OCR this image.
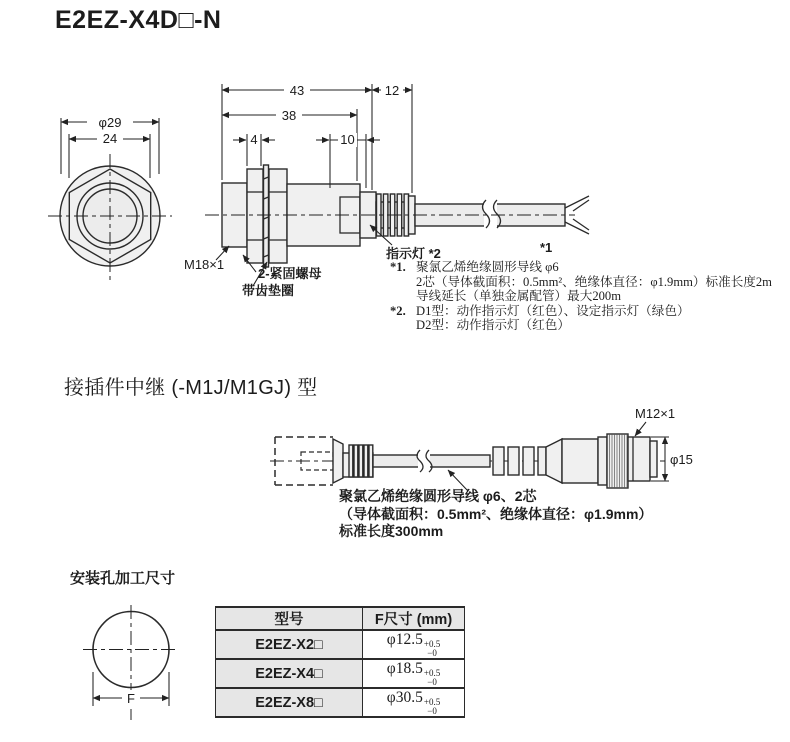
E2EZ-X4D□-N
φ29
24
43	12
38
4	10
M18×1
2-紧固螺母
带齿垫圈
指示灯 *2	*1
*1. 聚氯乙烯绝缘圆形导线 φ6
2芯（导体截面积：0.5mm²、绝缘体直径：φ1.9mm）标准长度2m
导线延长（单独金属配管）最大200m
*2. D1型：动作指示灯（红色）、设定指示灯（绿色）
D2型：动作指示灯（红色）
接插件中继 (-M1J/M1GJ) 型
φ15
M12×1
聚氯乙烯绝缘圆形导线 φ6、2芯
（导体截面积：0.5mm²、绝缘体直径：φ1.9mm）
标准长度300mm
安装孔加工尺寸
F
型号	F尺寸 (mm)
E2EZ-X2□	φ12.5 +0.5
−0

E2EZ-X4□	φ18.5 +0.5
−0

E2EZ-X8□	φ30.5 +0.5
−0
